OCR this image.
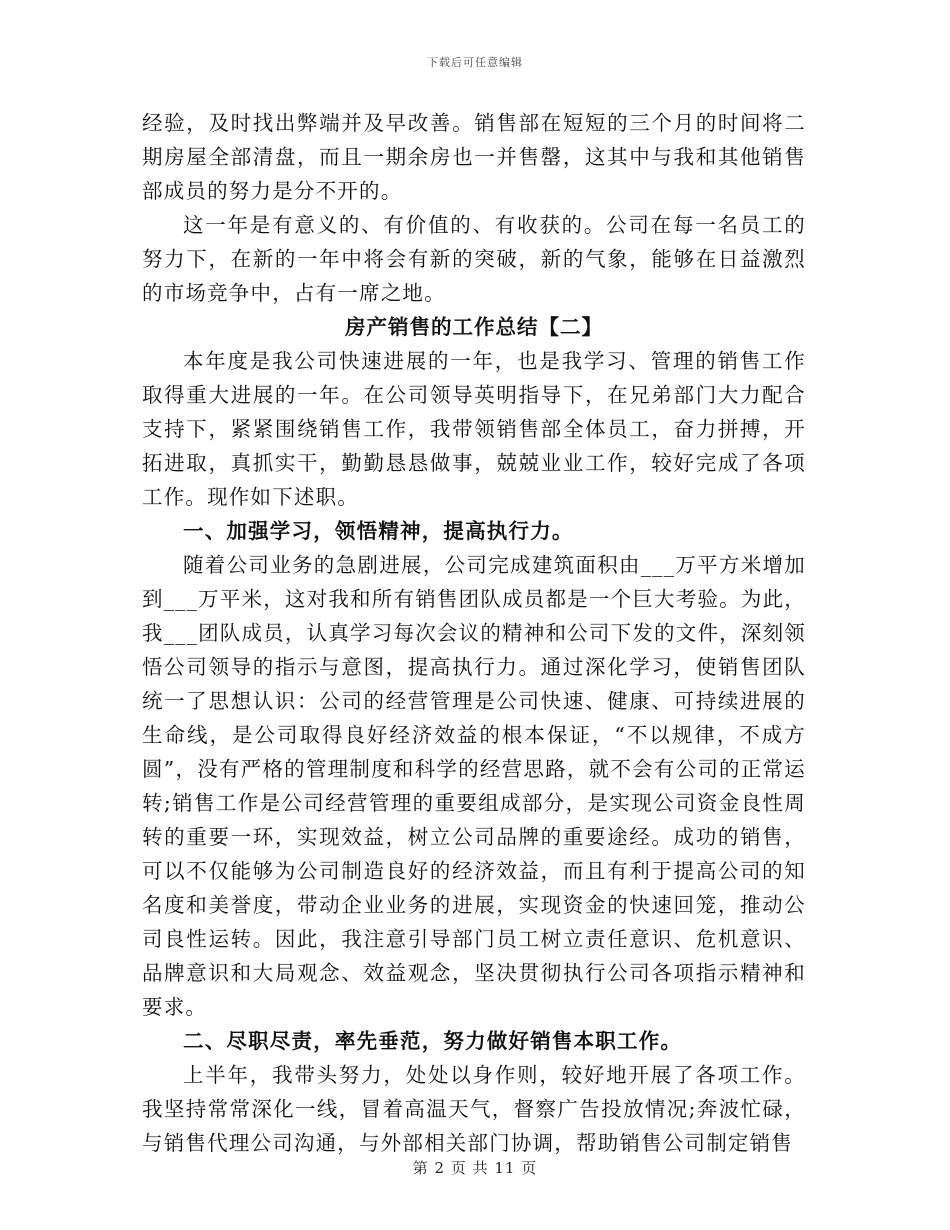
下载后可任意编辑

经验，及时找出弊端并及早改善。销售部在短短的三个月的时间将二期房屋全部清盘，而且一期余房也一并售罄，这其中与我和其他销售部成员的努力是分不开的。

这一年是有意义的、有价值的、有收获的。公司在每一名员工的努力下，在新的一年中将会有新的突破，新的气象，能够在日益激烈的市场竞争中，占有一席之地。

房产销售的工作总结【二】

本年度是我公司快速进展的一年，也是我学习、管理的销售工作取得重大进展的一年。在公司领导英明指导下，在兄弟部门大力配合支持下，紧紧围绕销售工作，我带领销售部全体员工，奋力拼搏，开拓进取，真抓实干，勤勤恳恳做事，兢兢业业工作，较好完成了各项工作。现作如下述职。

一、加强学习，领悟精神，提高执行力。

随着公司业务的急剧进展，公司完成建筑面积由___万平方米增加到___万平米，这对我和所有销售团队成员都是一个巨大考验。为此，我___团队成员，认真学习每次会议的精神和公司下发的文件，深刻领悟公司领导的指示与意图，提高执行力。通过深化学习，使销售团队统一了思想认识：公司的经营管理是公司快速、健康、可持续进展的生命线，是公司取得良好经济效益的根本保证，“不以规律，不成方圆”，没有严格的管理制度和科学的经营思路，就不会有公司的正常运转;销售工作是公司经营管理的重要组成部分，是实现公司资金良性周转的重要一环，实现效益，树立公司品牌的重要途经。成功的销售，可以不仅能够为公司制造良好的经济效益，而且有利于提高公司的知名度和美誉度，带动企业业务的进展，实现资金的快速回笼，推动公司良性运转。因此，我注意引导部门员工树立责任意识、危机意识、品牌意识和大局观念、效益观念，坚决贯彻执行公司各项指示精神和要求。

二、尽职尽责，率先垂范，努力做好销售本职工作。

上半年，我带头努力，处处以身作则，较好地开展了各项工作。我坚持常常深化一线，冒着高温天气，督察广告投放情况;奔波忙碌，与销售代理公司沟通，与外部相关部门协调，帮助销售公司制定销售

第 2 页 共 11 页
